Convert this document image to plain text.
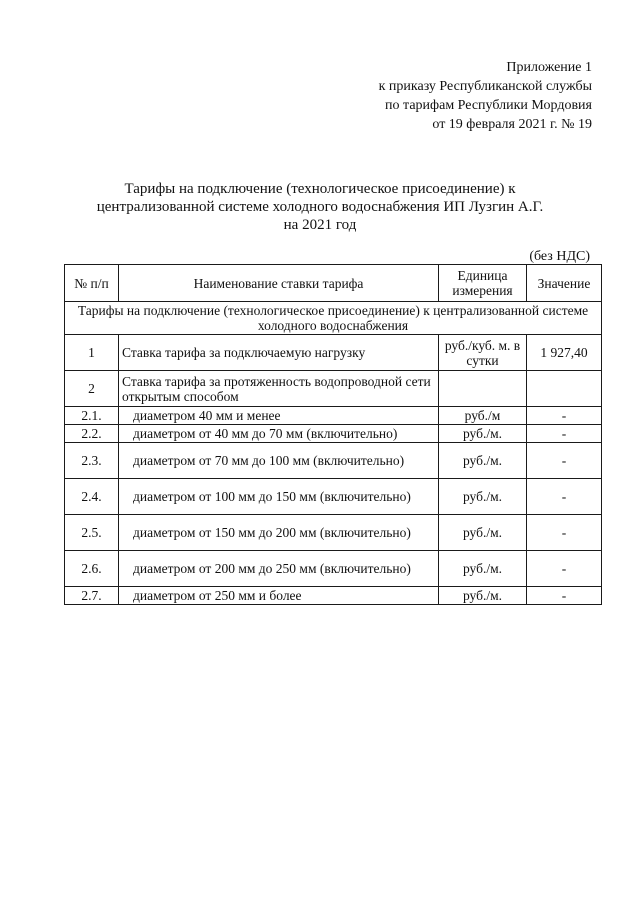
Приложение 1
к приказу Республиканской службы
по тарифам Республики Мордовия
от 19 февраля 2021 г. № 19
Тарифы на подключение (технологическое присоединение) к
централизованной системе холодного водоснабжения ИП Лузгин А.Г.
на 2021 год
(без НДС)
№ п/п	Наименование ставки тарифа	Единица измерения	Значение
Тарифы на подключение (технологическое присоединение) к централизованной системе холодного водоснабжения			
1	Ставка тарифа за подключаемую нагрузку	руб./куб. м. в сутки	1 927,40
2	Ставка тарифа за протяженность водопроводной сети открытым способом		
2.1.	диаметром 40 мм и менее	руб./м	-
2.2.	диаметром от 40 мм до 70 мм (включительно)	руб./м.	-
2.3.	диаметром от 70 мм до 100 мм (включительно)	руб./м.	-
2.4.	диаметром от 100 мм до 150 мм (включительно)	руб./м.	-
2.5.	диаметром от 150 мм до 200 мм (включительно)	руб./м.	-
2.6.	диаметром от 200 мм до 250 мм (включительно)	руб./м.	-
2.7.	диаметром от 250 мм и более	руб./м.	-
